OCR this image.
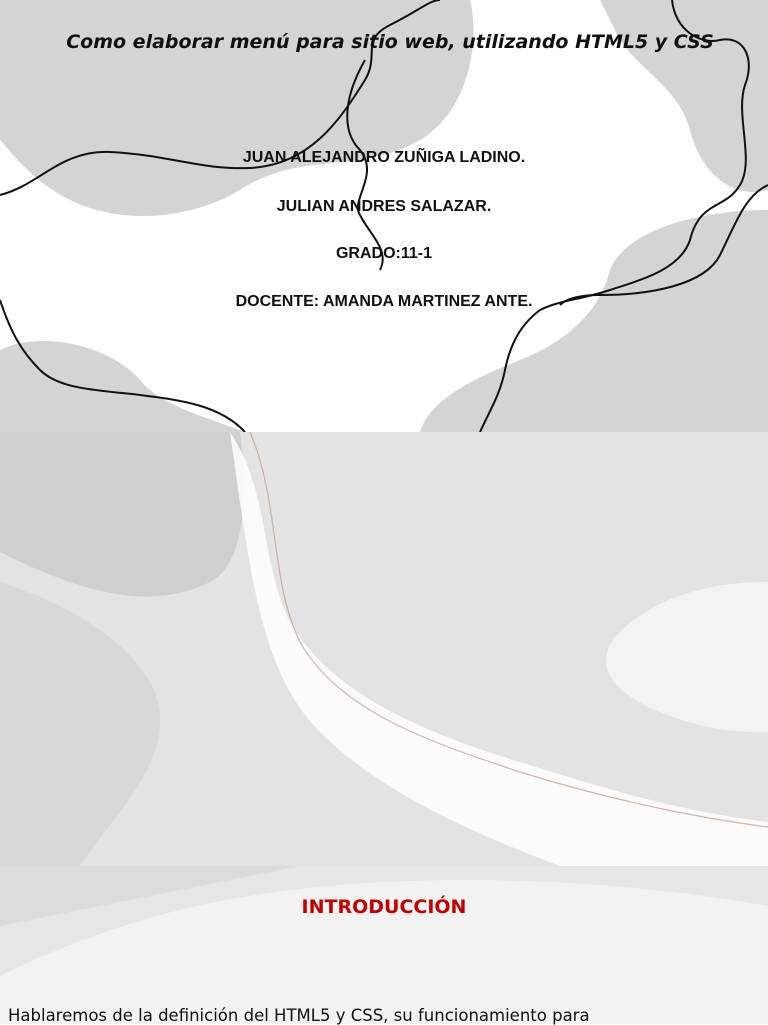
Como elaborar menú para sitio web, utilizando HTML5 y CSS
JUAN ALEJANDRO ZUÑIGA LADINO.
JULIAN ANDRES SALAZAR.
GRADO:11-1
DOCENTE: AMANDA MARTINEZ ANTE.
INTRODUCCIÓN
Hablaremos de la definición del HTML5 y CSS, su funcionamiento para
